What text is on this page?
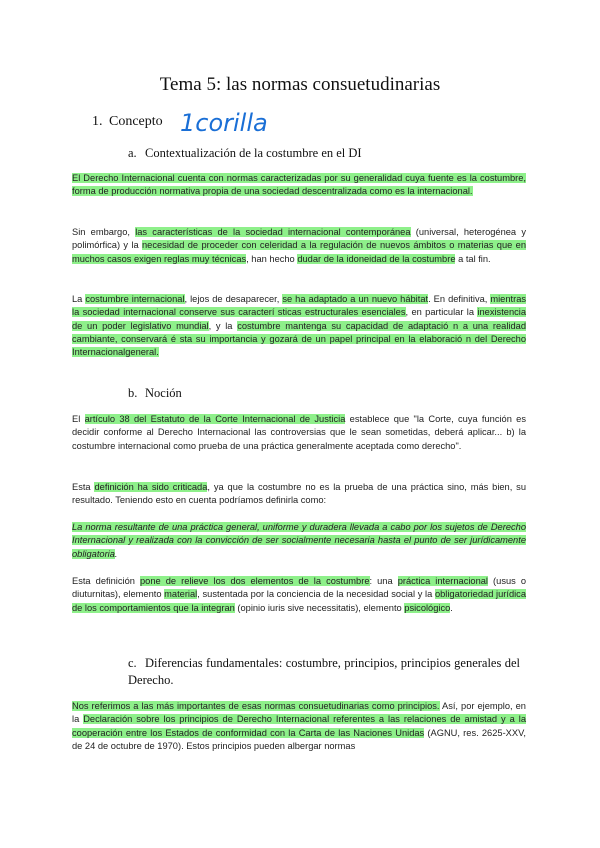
Tema 5: las normas consuetudinarias
1. Concepto 1corilla
a. Contextualización de la costumbre en el DI
El Derecho Internacional cuenta con normas caracterizadas por su generalidad cuya fuente es la costumbre, forma de producción normativa propia de una sociedad descentralizada como es la internacional.
Sin embargo, las características de la sociedad internacional contemporánea (universal, heterogénea y polimórfica) y la necesidad de proceder con celeridad a la regulación de nuevos ámbitos o materias que en muchos casos exigen reglas muy técnicas, han hecho dudar de la idoneidad de la costumbre a tal fin.
La costumbre internacional, lejos de desaparecer, se ha adaptado a un nuevo hábitat. En definitiva, mientras la sociedad internacional conserve sus caracterí sticas estructurales esenciales, en particular la inexistencia de un poder legislativo mundial, y la costumbre mantenga su capacidad de adaptació n a una realidad cambiante, conservará é sta su importancia y gozará de un papel principal en la elaboració n del Derecho Internacionalgeneral.
b. Noción
El artículo 38 del Estatuto de la Corte Internacional de Justicia establece que "la Corte, cuya función es decidir conforme al Derecho Internacional las controversias que le sean sometidas, deberá aplicar... b) la costumbre internacional como prueba de una práctica generalmente aceptada como derecho".
Esta definición ha sido criticada, ya que la costumbre no es la prueba de una práctica sino, más bien, su resultado. Teniendo esto en cuenta podríamos definirla como:
La norma resultante de una práctica general, uniforme y duradera llevada a cabo por los sujetos de Derecho Internacional y realizada con la convicción de ser socialmente necesaria hasta el punto de ser jurídicamente obligatoria.
Esta definición pone de relieve los dos elementos de la costumbre: una práctica internacional (usus o diuturnitas), elemento material, sustentada por la conciencia de la necesidad social y la obligatoriedad jurídica de los comportamientos que la integran (opinio iuris sive necessitatis), elemento psicológico.
c. Diferencias fundamentales: costumbre, principios, principios generales del Derecho.
Nos referimos a las más importantes de esas normas consuetudinarias como principios. Así, por ejemplo, en la Declaración sobre los principios de Derecho Internacional referentes a las relaciones de amistad y a la cooperación entre los Estados de conformidad con la Carta de las Naciones Unidas (AGNU, res. 2625-XXV, de 24 de octubre de 1970). Estos principios pueden albergar normas
